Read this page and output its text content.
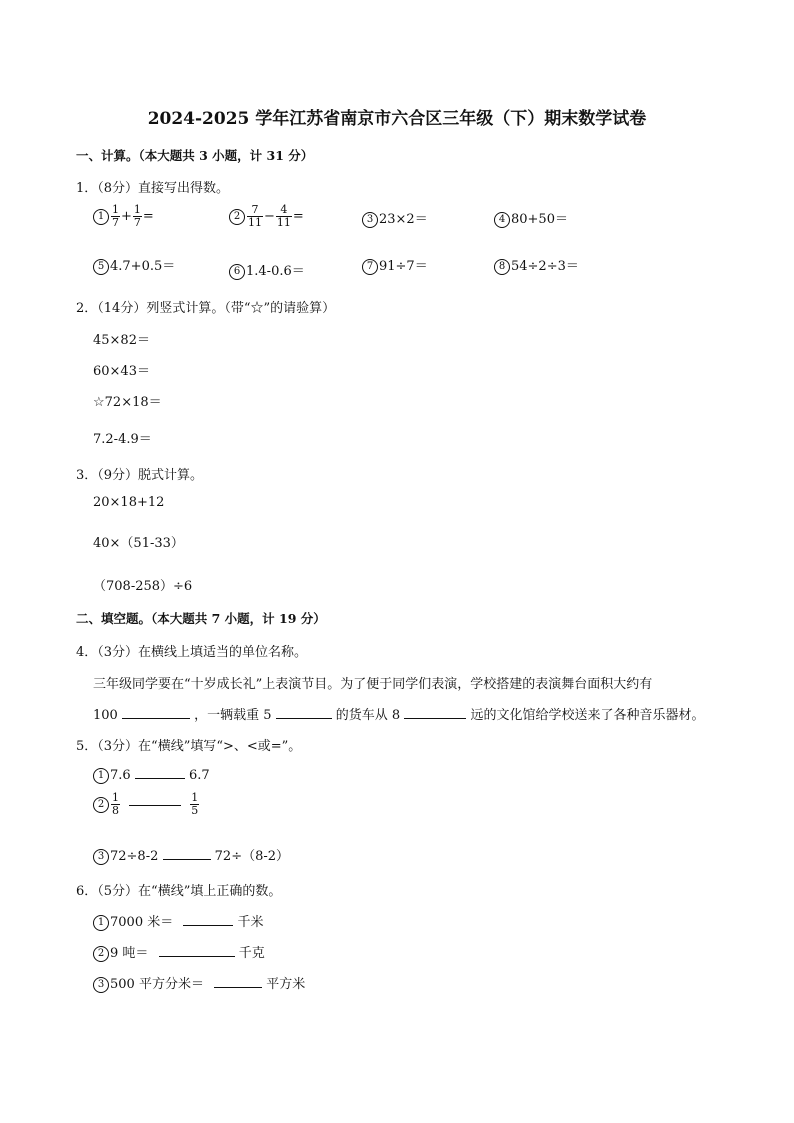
2024-2025 学年江苏省南京市六合区三年级（下）期末数学试卷
一、计算。（本大题共 3 小题，计 31 分）
1．（8分）直接写出得数。
$1 \frac{1}{7} + \frac{1}{7}$ =	$2 \frac{7}{11} - \frac{4}{11}$ =	3 23×2＝	4 80+50＝
5 4.7+0.5＝	6 1.4-0.6＝	7 91÷7＝	8 54÷2÷3＝
2．（14分）列竖式计算。（带“☆”的请验算）
45×82＝
60×43＝
☆72×18＝
7.2-4.9＝
3．（9分）脱式计算。
20×18+12
40×（51-33）
（708-258）÷6
二、填空题。（本大题共 7 小题，计 19 分）
4．（3分）在横线上填适当的单位名称。
三年级同学要在“十岁成长礼”上表演节目。为了便于同学们表演，学校搭建的表演舞台面积大约有
100	，一辆载重 5	的货车从 8	远的文化馆给学校送来了各种音乐器材。
5．（3分）在“横线”填写“>、<或=”。
1 7.6	6.7
$2 \frac{1}{8}$
	$\frac{1}{5}$
3 72÷8-2	72÷（8-2）
6．（5分）在“横线”填上正确的数。
1 7000 米＝	千米
2 9 吨＝	千克
3 500 平方分米＝	平方米
